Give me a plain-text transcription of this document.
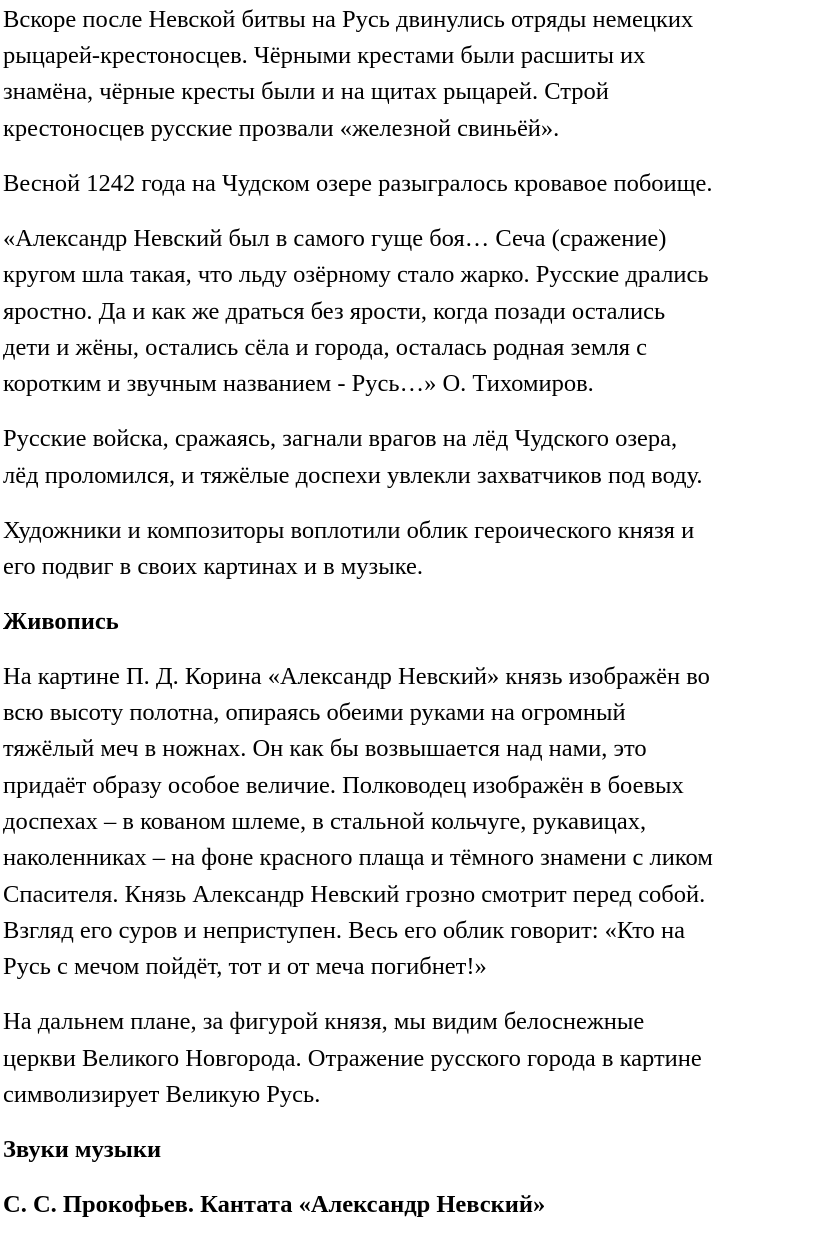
Вскоре после Невской битвы на Русь двинулись отряды немецких
рыцарей-крестоносцев. Чёрными крестами были расшиты их
знамёна, чёрные кресты были и на щитах рыцарей. Строй
крестоносцев русские прозвали «железной свиньёй».
Весной 1242 года на Чудском озере разыгралось кровавое побоище.
«Александр Невский был в самого гуще боя… Сеча (сражение)
кругом шла такая, что льду озёрному стало жарко. Русские дрались
яростно. Да и как же драться без ярости, когда позади остались
дети и жёны, остались сёла и города, осталась родная земля с
коротким и звучным названием - Русь…» О. Тихомиров.
Русские войска, сражаясь, загнали врагов на лёд Чудского озера,
лёд проломился, и тяжёлые доспехи увлекли захватчиков под воду.
Художники и композиторы воплотили облик героического князя и
его подвиг в своих картинах и в музыке.
Живопись
На картине П. Д. Корина «Александр Невский» князь изображён во
всю высоту полотна, опираясь обеими руками на огромный
тяжёлый меч в ножнах. Он как бы возвышается над нами, это
придаёт образу особое величие. Полководец изображён в боевых
доспехах – в кованом шлеме, в стальной кольчуге, рукавицах,
наколенниках – на фоне красного плаща и тёмного знамени с ликом
Спасителя. Князь Александр Невский грозно смотрит перед собой.
Взгляд его суров и неприступен. Весь его облик говорит: «Кто на
Русь с мечом пойдёт, тот и от меча погибнет!»
На дальнем плане, за фигурой князя, мы видим белоснежные
церкви Великого Новгорода. Отражение русского города в картине
символизирует Великую Русь.
Звуки музыки
С. С. Прокофьев. Кантата «Александр Невский»
